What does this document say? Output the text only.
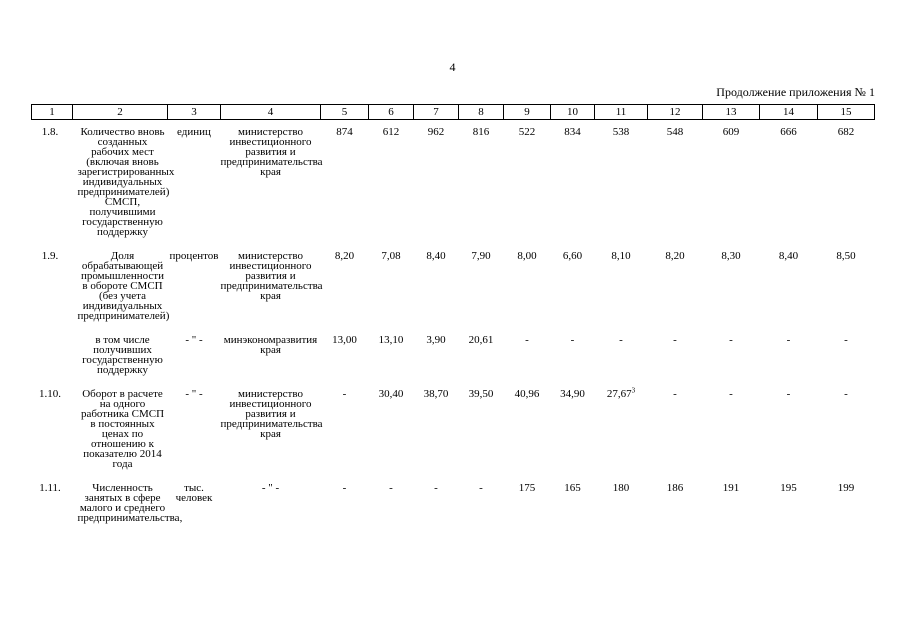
4
Продолжение приложения № 1
1	2	3	4	5	6	7	8	9	10	11	12	13	14	15
1.8.	Количество вновь созданных рабочих мест (включая вновь зарегистрированных индивидуальных предпринимателей) СМСП, получившими государственную поддержку	единиц	министерство инвестиционного развития и предпринимательства края	874	612	962	816	522	834	538	548	609	666	682
1.9.	Доля обрабатывающей промышленности в обороте СМСП (без учета индивидуальных предпринимателей)	процентов	министерство инвестиционного развития и предпринимательства края	8,20	7,08	8,40	7,90	8,00	6,60	8,10	8,20	8,30	8,40	8,50
	в том числе получивших государственную поддержку	- " -	минэкономразвития края	13,00	13,10	3,90	20,61	-	-	-	-	-	-	-
1.10.	Оборот в расчете на одного работника СМСП в постоянных ценах по отношению к показателю 2014 года	- " -	министерство инвестиционного развития и предпринимательства края	-	30,40	38,70	39,50	40,96	34,90	27,67$^3$	-	-	-	-
1.11.	Численность занятых в сфере малого и среднего предпринимательства,	тыс. человек	- " -	-	-	-	-	175	165	180	186	191	195	199
